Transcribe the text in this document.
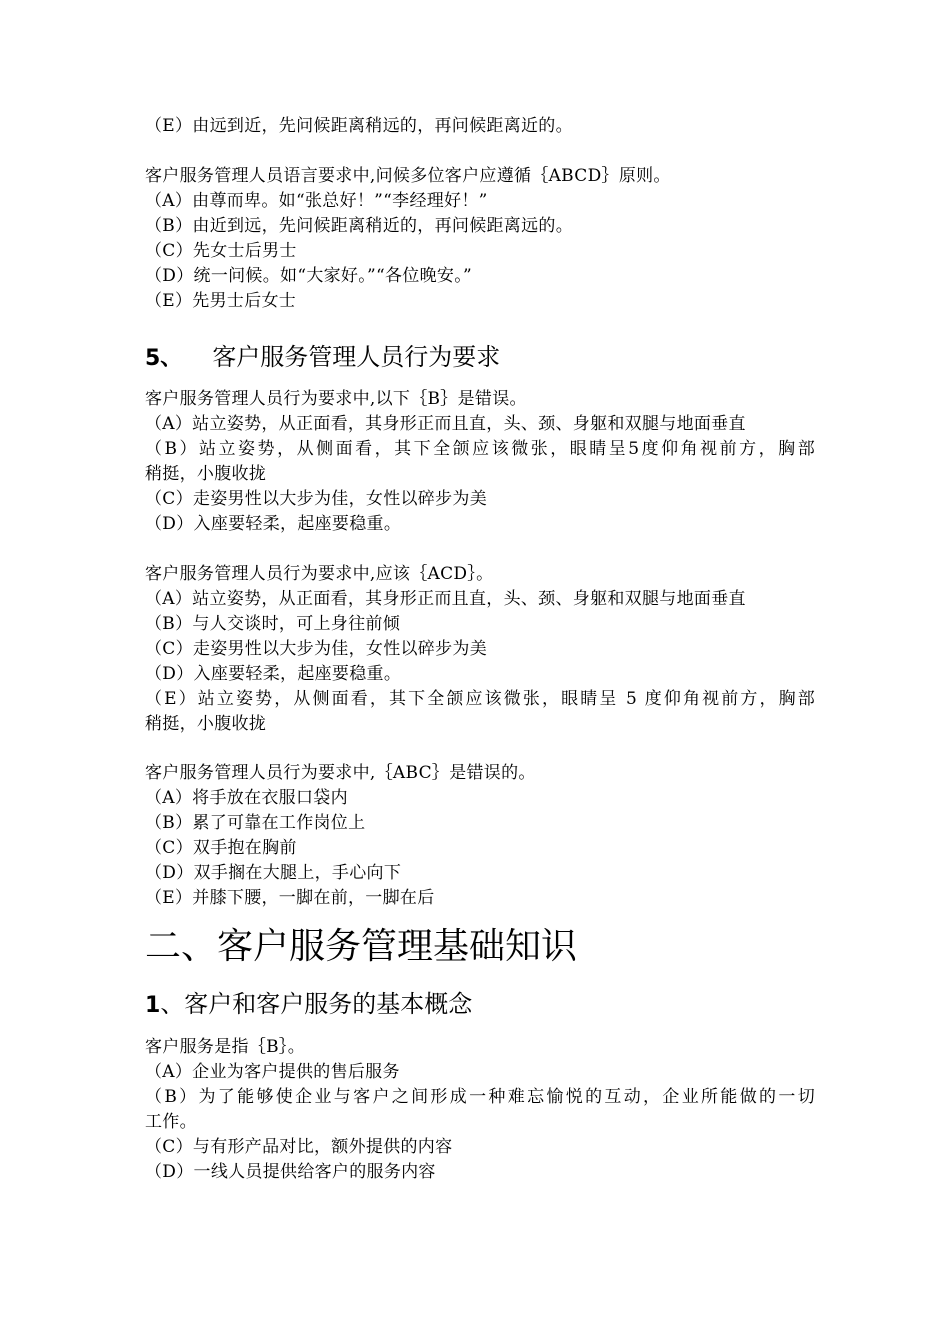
（E）由远到近，先问候距离稍远的，再问候距离近的。
客户服务管理人员语言要求中,问候多位客户应遵循｛ABCD｝原则。
（A）由尊而卑。如“张总好！”“李经理好！”
（B）由近到远，先问候距离稍近的，再问候距离远的。
（C）先女士后男士
（D）统一问候。如“大家好。”“各位晚安。”
（E）先男士后女士
5、 客户服务管理人员行为要求
客户服务管理人员行为要求中,以下｛B｝是错误。
（A）站立姿势，从正面看，其身形正而且直，头、颈、身躯和双腿与地面垂直
（B）站立姿势，从侧面看，其下全颌应该微张，眼睛呈5度仰角视前方，胸部
稍挺，小腹收拢
（C）走姿男性以大步为佳，女性以碎步为美
（D）入座要轻柔，起座要稳重。
客户服务管理人员行为要求中,应该｛ACD｝。
（A）站立姿势，从正面看，其身形正而且直，头、颈、身躯和双腿与地面垂直
（B）与人交谈时，可上身往前倾
（C）走姿男性以大步为佳，女性以碎步为美
（D）入座要轻柔，起座要稳重。
（E）站立姿势，从侧面看，其下全颌应该微张，眼睛呈 5 度仰角视前方，胸部
稍挺，小腹收拢
客户服务管理人员行为要求中,｛ABC｝是错误的。
（A）将手放在衣服口袋内
（B）累了可靠在工作岗位上
（C）双手抱在胸前
（D）双手搁在大腿上，手心向下
（E）并膝下腰，一脚在前，一脚在后
二、客户服务管理基础知识
1、客户和客户服务的基本概念
客户服务是指｛B｝。
（A）企业为客户提供的售后服务
（B）为了能够使企业与客户之间形成一种难忘愉悦的互动，企业所能做的一切
工作。
（C）与有形产品对比，额外提供的内容
（D）一线人员提供给客户的服务内容
